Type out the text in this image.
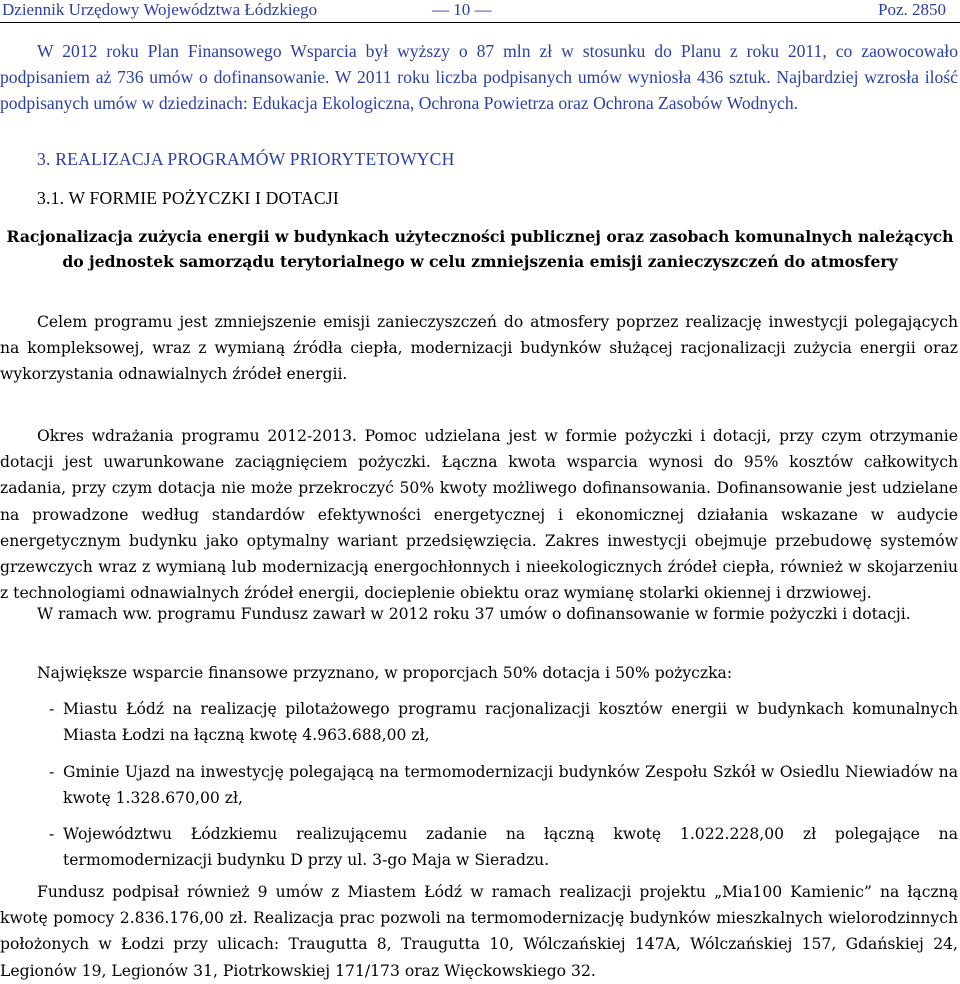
Dziennik Urzędowy Województwa Łódzkiego	— 10 —	Poz. 2850

W 2012 roku Plan Finansowego Wsparcia był wyższy o 87 mln zł w stosunku do Planu z roku 2011, co zaowocowało podpisaniem aż 736 umów o dofinansowanie. W 2011 roku liczba podpisanych umów wyniosła 436 sztuk. Najbardziej wzrosła ilość podpisanych umów w dziedzinach: Edukacja Ekologiczna, Ochrona Powietrza oraz Ochrona Zasobów Wodnych.

3. REALIZACJA PROGRAMÓW PRIORYTETOWYCH
3.1. W FORMIE POŻYCZKI I DOTACJI
Racjonalizacja zużycia energii w budynkach użyteczności publicznej oraz zasobach komunalnych należących do jednostek samorządu terytorialnego w celu zmniejszenia emisji zanieczyszczeń do atmosfery

Celem programu jest zmniejszenie emisji zanieczyszczeń do atmosfery poprzez realizację inwestycji polegających na kompleksowej, wraz z wymianą źródła ciepła, modernizacji budynków służącej racjonalizacji zużycia energii oraz wykorzystania odnawialnych źródeł energii.

Okres wdrażania programu 2012-2013. Pomoc udzielana jest w formie pożyczki i dotacji, przy czym otrzymanie dotacji jest uwarunkowane zaciągnięciem pożyczki. Łączna kwota wsparcia wynosi do 95% kosztów całkowitych zadania, przy czym dotacja nie może przekroczyć 50% kwoty możliwego dofinansowania. Dofinansowanie jest udzielane na prowadzone według standardów efektywności energetycznej i ekonomicznej działania wskazane w audycie energetycznym budynku jako optymalny wariant przedsięwzięcia. Zakres inwestycji obejmuje przebudowę systemów grzewczych wraz z wymianą lub modernizacją energochłonnych i nieekologicznych źródeł ciepła, również w skojarzeniu z technologiami odnawialnych źródeł energii, docieplenie obiektu oraz wymianę stolarki okiennej i drzwiowej.

W ramach ww. programu Fundusz zawarł w 2012 roku 37 umów o dofinansowanie w formie pożyczki i dotacji.

Największe wsparcie finansowe przyznano, w proporcjach 50% dotacja i 50% pożyczka:

- Miastu Łódź na realizację pilotażowego programu racjonalizacji kosztów energii w budynkach komunalnych Miasta Łodzi na łączną kwotę 4.963.688,00 zł,
- Gminie Ujazd na inwestycję polegającą na termomodernizacji budynków Zespołu Szkół w Osiedlu Niewiadów na kwotę 1.328.670,00 zł,
- Województwu Łódzkiemu realizującemu zadanie na łączną kwotę 1.022.228,00 zł polegające na termomodernizacji budynku D przy ul. 3-go Maja w Sieradzu.

Fundusz podpisał również 9 umów z Miastem Łódź w ramach realizacji projektu „Mia100 Kamienic” na łączną kwotę pomocy 2.836.176,00 zł. Realizacja prac pozwoli na termomodernizację budynków mieszkalnych wielorodzinnych położonych w Łodzi przy ulicach: Traugutta 8, Traugutta 10, Wólczańskiej 147A, Wólczańskiej 157, Gdańskiej 24, Legionów 19, Legionów 31, Piotrkowskiej 171/173 oraz Więckowskiego 32.
